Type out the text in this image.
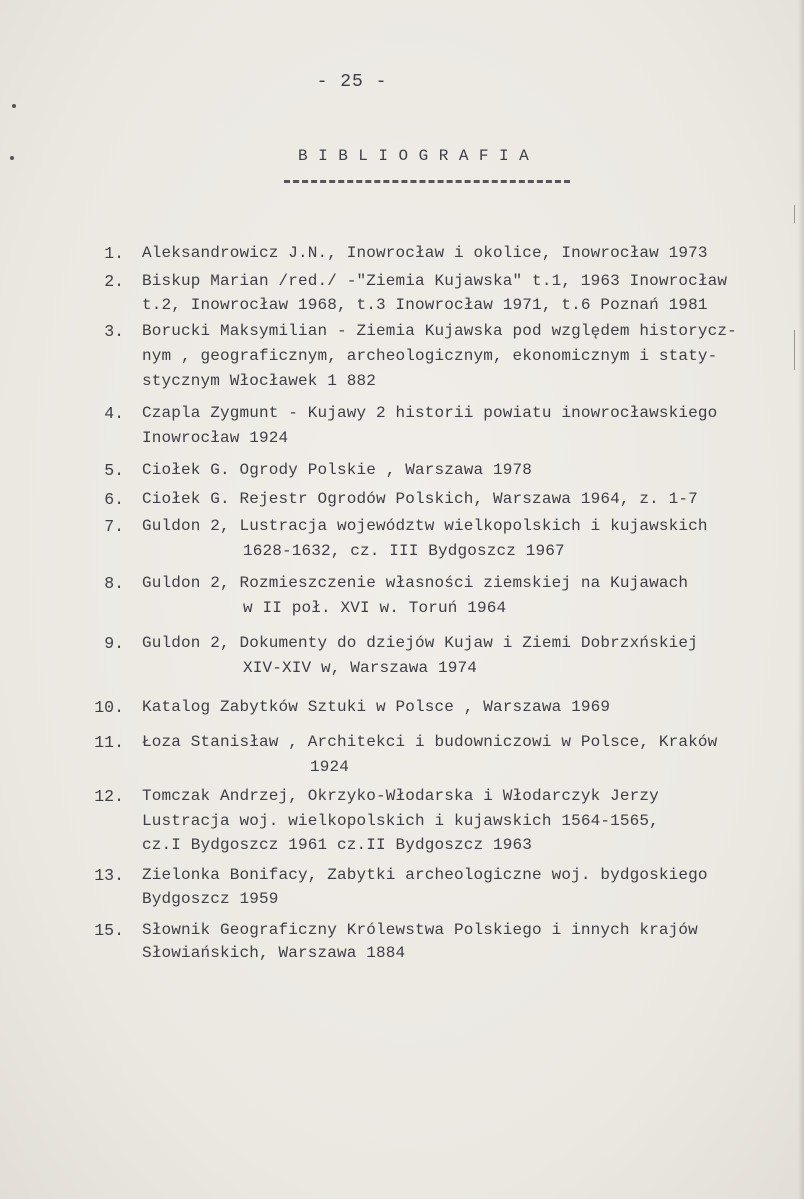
- 25 -
BIBLIOGRAFIA
1. Aleksandrowicz J.N., Inowrocław i okolice, Inowrocław 1973
2. Biskup Marian /red./ -"Ziemia Kujawska" t.1, 1963 Inowrocław
t.2, Inowrocław 1968, t.3 Inowrocław 1971, t.6 Poznań 1981
3. Borucki Maksymilian - Ziemia Kujawska pod względem historycz-
nym , geograficznym, archeologicznym, ekonomicznym i staty-
stycznym Włocławek 1 882
4. Czapla Zygmunt - Kujawy 2 historii powiatu inowrocławskiego
Inowrocław 1924
5. Ciołek G. Ogrody Polskie , Warszawa 1978
6. Ciołek G. Rejestr Ogrodów Polskich, Warszawa 1964, z. 1-7
7. Guldon 2, Lustracja województw wielkopolskich i kujawskich
1628-1632, cz. III Bydgoszcz 1967
8. Guldon 2, Rozmieszczenie własności ziemskiej na Kujawach
w II poł. XVI w. Toruń 1964
9. Guldon 2, Dokumenty do dziejów Kujaw i Ziemi Dobrzxńskiej
XIV-XIV w, Warszawa 1974
10. Katalog Zabytków Sztuki w Polsce , Warszawa 1969
11. Łoza Stanisław , Architekci i budowniczowi w Polsce, Kraków
1924
12. Tomczak Andrzej, Okrzyko-Włodarska i Włodarczyk Jerzy
Lustracja woj. wielkopolskich i kujawskich 1564-1565,
cz.I Bydgoszcz 1961 cz.II Bydgoszcz 1963
13. Zielonka Bonifacy, Zabytki archeologiczne woj. bydgoskiego
Bydgoszcz 1959
15. Słownik Geograficzny Królewstwa Polskiego i innych krajów
Słowiańskich, Warszawa 1884
